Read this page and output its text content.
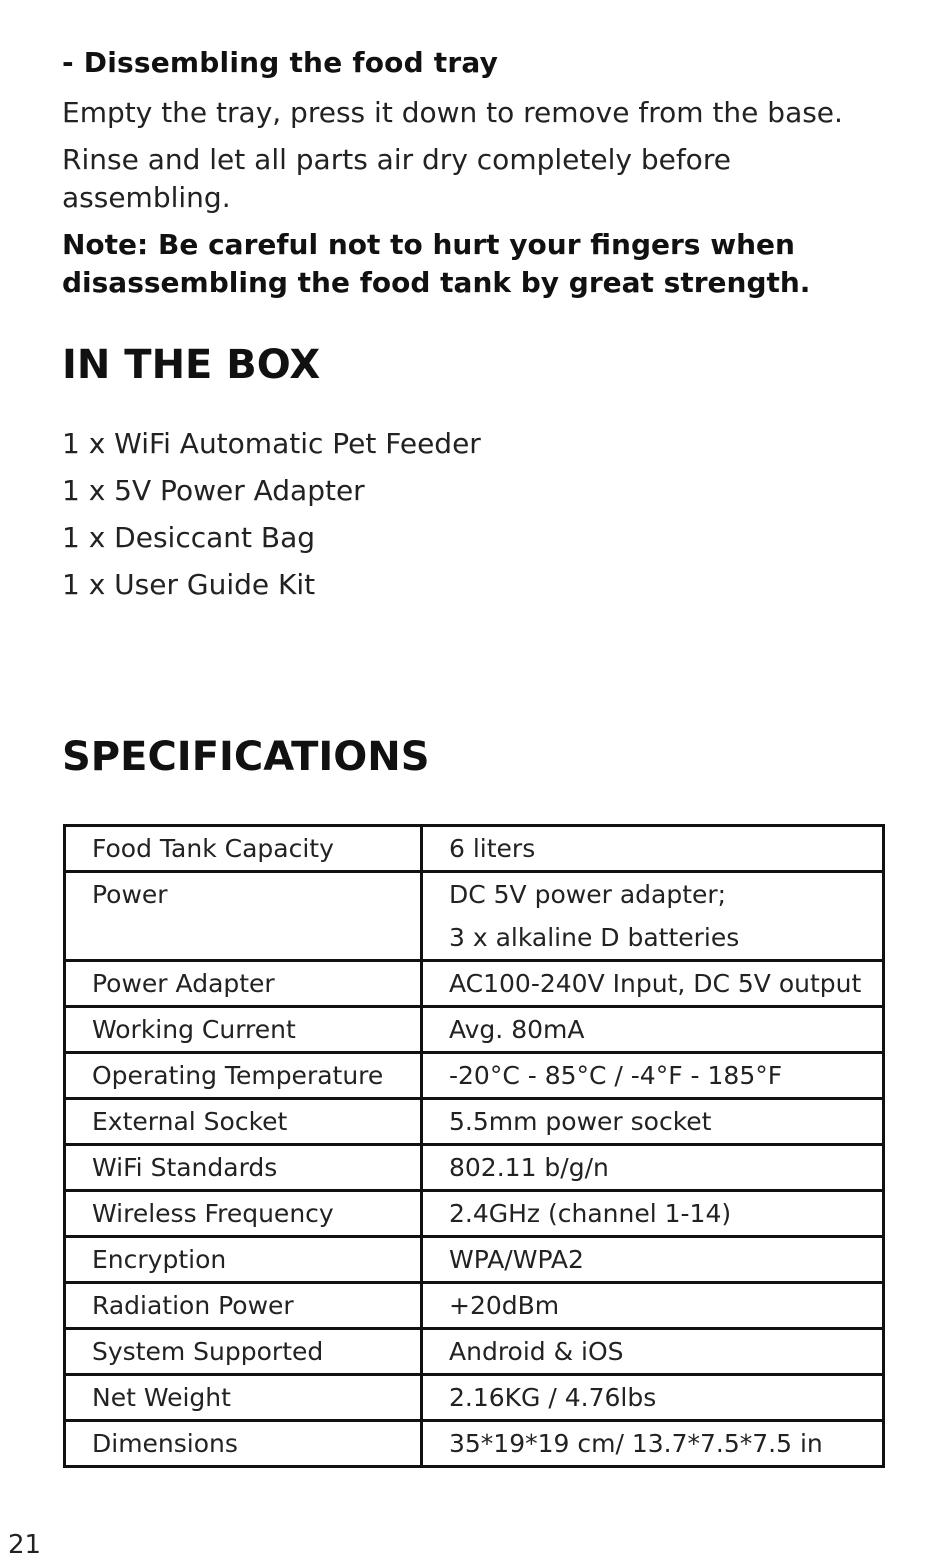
- Dissembling the food tray
Empty the tray, press it down to remove from the base.
Rinse and let all parts air dry completely before assembling.
Note: Be careful not to hurt your fingers when disassembling the food tank by great strength.
IN THE BOX
1 x WiFi Automatic Pet Feeder
1 x 5V Power Adapter
1 x Desiccant Bag
1 x User Guide Kit
SPECIFICATIONS
Food Tank Capacity	6 liters

Power	DC 5V power adapter;
3 x alkaline D batteries

Power Adapter	AC100-240V Input, DC 5V output

Working Current	Avg. 80mA

Operating Temperature	-20°C - 85°C / -4°F - 185°F

External Socket	5.5mm power socket

WiFi Standards	802.11 b/g/n

Wireless Frequency	2.4GHz (channel 1-14)

Encryption	WPA/WPA2

Radiation Power	+20dBm

System Supported	Android & iOS

Net Weight	2.16KG / 4.76lbs

Dimensions	35*19*19 cm/ 13.7*7.5*7.5 in
21
